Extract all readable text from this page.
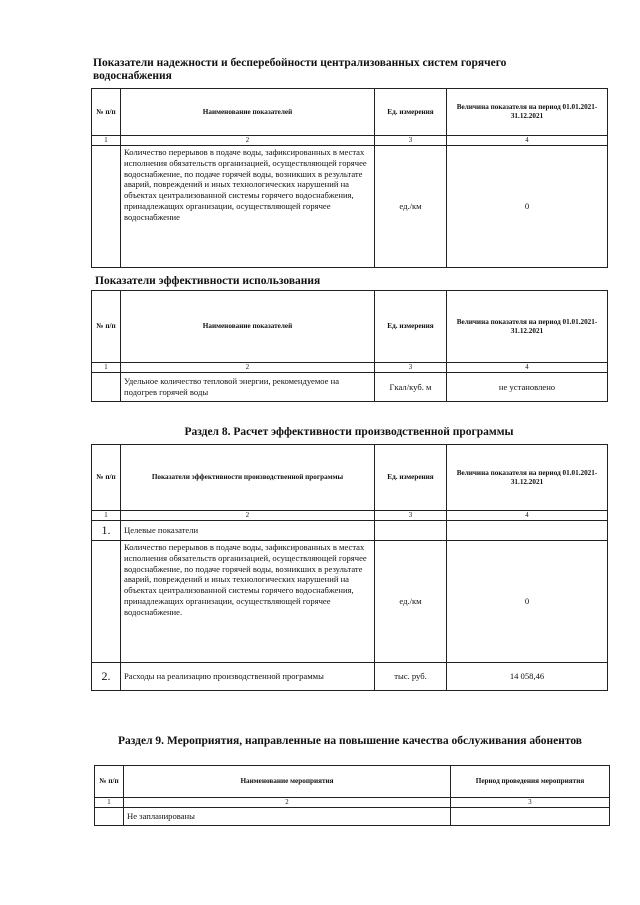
Показатели надежности и бесперебойности централизованных систем горячего водоснабжения
№ п/п	Наименование показателей	Ед. измерения	Величина показателя на период 01.01.2021-31.12.2021
1	2	3	4
	Количество перерывов в подаче воды, зафиксированных в местах исполнения обязательств организацией, осуществляющей горячее водоснабжение, по подаче горячей воды, возникших в результате аварий, повреждений и иных технологических нарушений на объектах централизованной системы горячего водоснабжения, принадлежащих организации, осуществляющей горячее водоснабжение	ед./км	0
Показатели эффективности использования
№ п/п	Наименование показателей	Ед. измерения	Величина показателя на период 01.01.2021-31.12.2021
1	2	3	4
	Удельное количество тепловой энергии, рекомендуемое на подогрев горячей воды	Гкал/куб. м	не установлено
Раздел 8. Расчет эффективности производственной программы
№ п/п	Показатели эффективности производственной программы	Ед. измерения	Величина показателя на период 01.01.2021-31.12.2021
1	2	3	4
1.	Целевые показатели		
	Количество перерывов в подаче воды, зафиксированных в местах исполнения обязательств организацией, осуществляющей горячее водоснабжение, по подаче горячей воды, возникших в результате аварий, повреждений и иных технологических нарушений на объектах централизованной системы горячего водоснабжения, принадлежащих организации, осуществляющей горячее водоснабжение.	ед./км	0
2.	Расходы на реализацию производственной программы	тыс. руб.	14 058,46
Раздел 9. Мероприятия, направленные на повышение качества обслуживания абонентов
№ п/п	Наименование мероприятия	Период проведения мероприятия
1	2	3
	Не запланированы	
